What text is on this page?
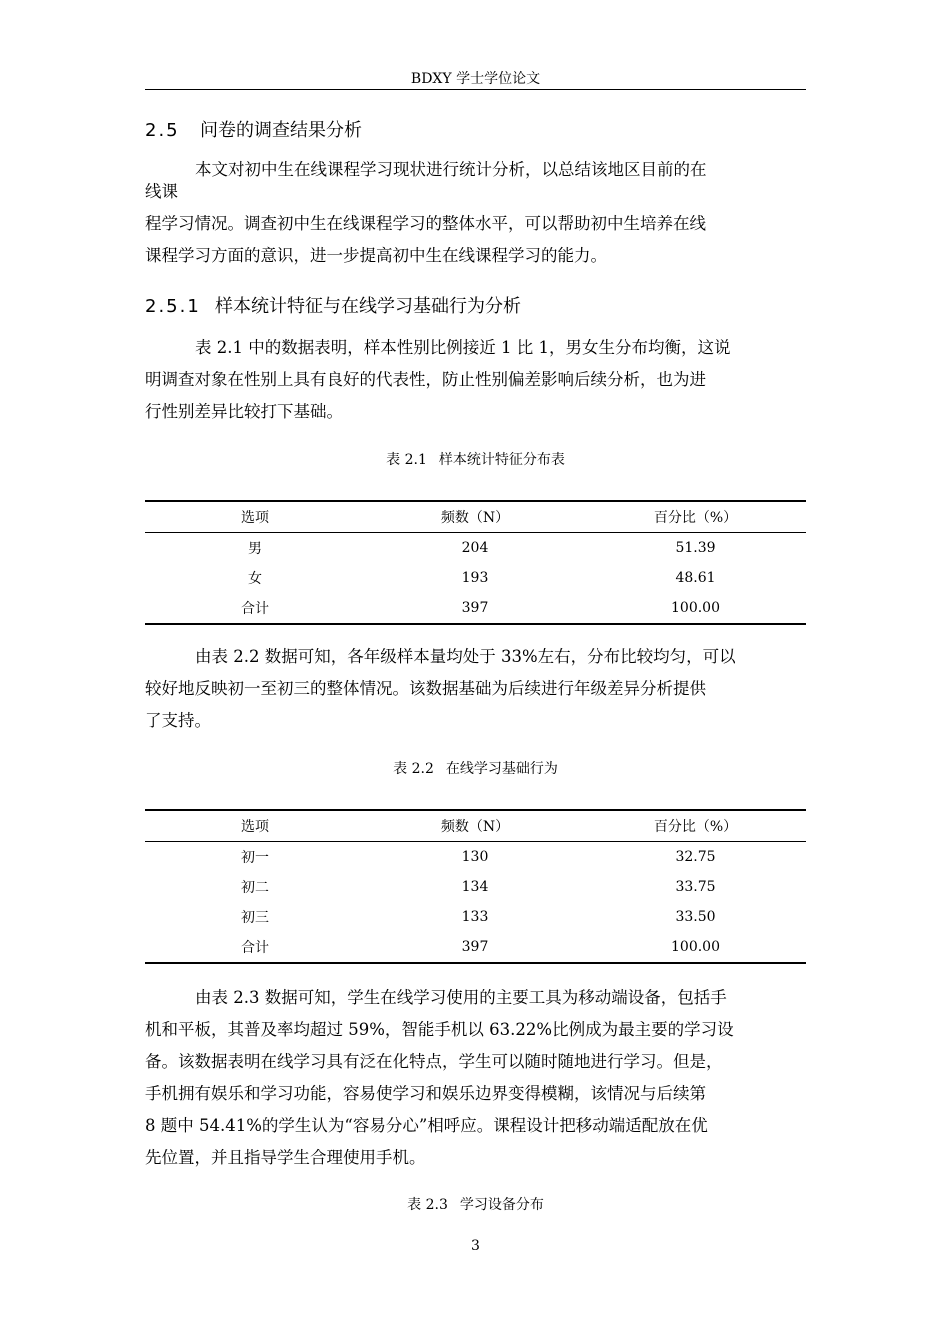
BDXY 学士学位论文
2.5 问卷的调查结果分析
本文对初中生在线课程学习现状进行统计分析，以总结该地区目前的在
线课
程学习情况。调查初中生在线课程学习的整体水平，可以帮助初中生培养在线
课程学习方面的意识，进一步提高初中生在线课程学习的能力。
2.5.1 样本统计特征与在线学习基础行为分析
表 2.1 中的数据表明，样本性别比例接近 1 比 1，男女生分布均衡，这说
明调查对象在性别上具有良好的代表性，防止性别偏差影响后续分析，也为进
行性别差异比较打下基础。
表 2.1 样本统计特征分布表
选项	频数（N）	百分比（%）
男	204	51.39
女	193	48.61
合计	397	100.00
由表 2.2 数据可知，各年级样本量均处于 33%左右，分布比较均匀，可以
较好地反映初一至初三的整体情况。该数据基础为后续进行年级差异分析提供
了支持。
表 2.2 在线学习基础行为
选项	频数（N）	百分比（%）
初一	130	32.75
初二	134	33.75
初三	133	33.50
合计	397	100.00
由表 2.3 数据可知，学生在线学习使用的主要工具为移动端设备，包括手
机和平板，其普及率均超过 59%，智能手机以 63.22%比例成为最主要的学习设
备。该数据表明在线学习具有泛在化特点，学生可以随时随地进行学习。但是，
手机拥有娱乐和学习功能，容易使学习和娱乐边界变得模糊，该情况与后续第
8 题中 54.41%的学生认为“容易分心”相呼应。课程设计把移动端适配放在优
先位置，并且指导学生合理使用手机。
表 2.3 学习设备分布
3
